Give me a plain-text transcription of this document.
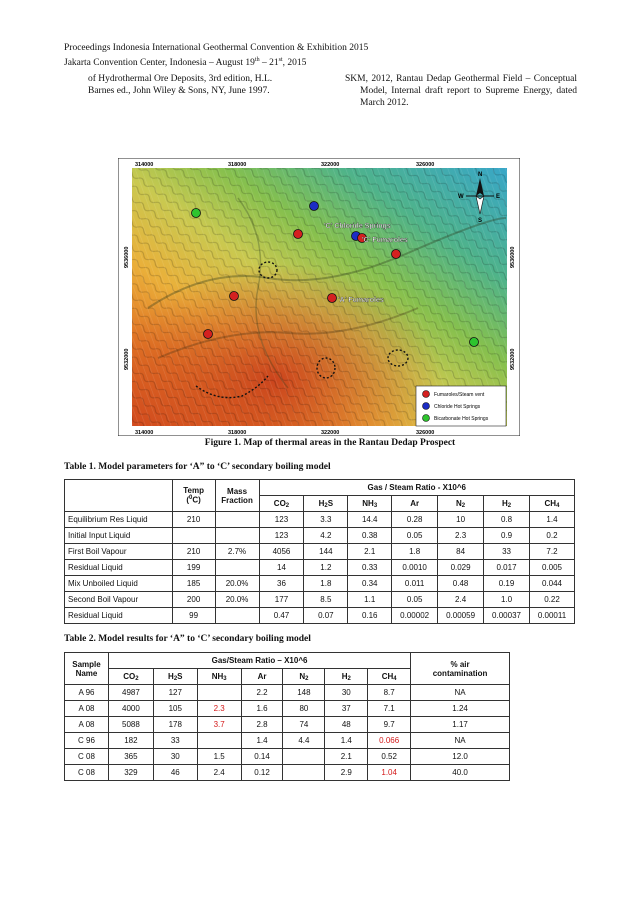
Proceedings Indonesia International Geothermal Convention & Exhibition 2015
Jakarta Convention Center, Indonesia – August 19th – 21st, 2015
of Hydrothermal Ore Deposits, 3rd edition, H.L.
Barnes ed., John Wiley & Sons, NY, June 1997.
SKM, 2012, Rantau Dedap Geothermal Field – Conceptual Model, Internal draft report to Supreme Energy, dated March 2012.
314000	318000	322000	326000
314000	318000	322000	326000
9536000
9532000
9536000
9532000
N
S
E
W
'C' Chloride Springs
'C' Fumaroles
'A' Fumaroles
Fumaroles/Steam vent
Chloride Hot Springs
Bicarbonate Hot Springs
Figure 1. Map of thermal areas in the Rantau Dedap Prospect
Table 1. Model parameters for ‘A” to ‘C’ secondary boiling model
	Temp
($^0$C)	Mass
Fraction	Gas / Steam Ratio - X10^6						
			$CO_2$	$H_2S$	$NH_3$	Ar	$N_2$	$H_2$	$CH_4$
Equilibrium Res Liquid	210		123	3.3	14.4	0.28	10	0.8	1.4
Initial Input Liquid			123	4.2	0.38	0.05	2.3	0.9	0.2
First Boil Vapour	210	2.7%	4056	144	2.1	1.8	84	33	7.2
Residual Liquid	199		14	1.2	0.33	0.0010	0.029	0.017	0.005
Mix Unboiled Liquid	185	20.0%	36	1.8	0.34	0.011	0.48	0.19	0.044
Second Boil Vapour	200	20.0%	177	8.5	1.1	0.05	2.4	1.0	0.22
Residual Liquid	99		0.47	0.07	0.16	0.00002	0.00059	0.00037	0.00011
Table 2. Model results for ‘A” to ‘C’ secondary boiling model
Sample
Name	Gas/Steam Ratio – X10^6							% air
contamination
	$CO_2$	$H_2S$	$NH_3$	Ar	$N_2$	$H_2$	$CH_4$
A 96	4987	127		2.2	148	30	8.7	NA
A 08	4000	105	2.3	1.6	80	37	7.1	1.24
A 08	5088	178	3.7	2.8	74	48	9.7	1.17
C 96	182	33		1.4	4.4	1.4	0.066	NA
C 08	365	30	1.5	0.14		2.1	0.52	12.0
C 08	329	46	2.4	0.12		2.9	1.04	40.0
